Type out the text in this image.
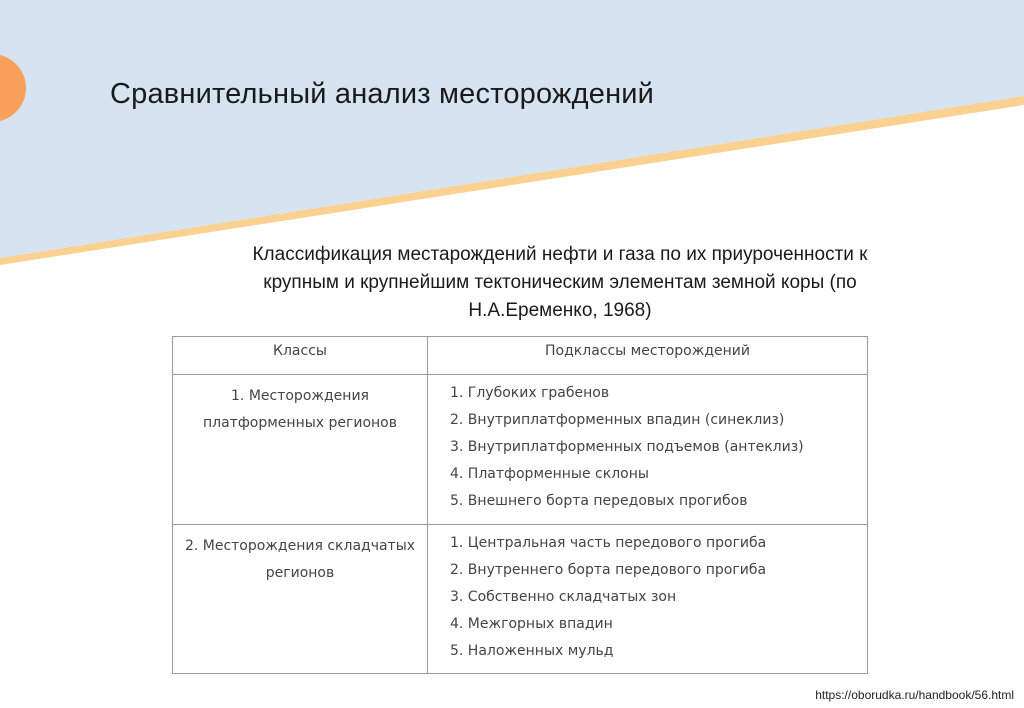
Сравнительный анализ месторождений
Классификация местарождений нефти и газа по их приуроченности к
крупным и крупнейшим тектоническим элементам земной коры (по
Н.А.Еременко, 1968)
Классы	Подклассы месторождений

1. Месторождения
платформенных регионов	1. Глубоких грабенов
2. Внутриплатформенных впадин (синеклиз)
3. Внутриплатформенных подъемов (антеклиз)
4. Платформенные склоны
5. Внешнего борта передовых прогибов

2. Месторождения складчатых
регионов	1. Центральная часть передового прогиба
2. Внутреннего борта передового прогиба
3. Собственно складчатых зон
4. Межгорных впадин
5. Наложенных мульд
https://oborudka.ru/handbook/56.html
